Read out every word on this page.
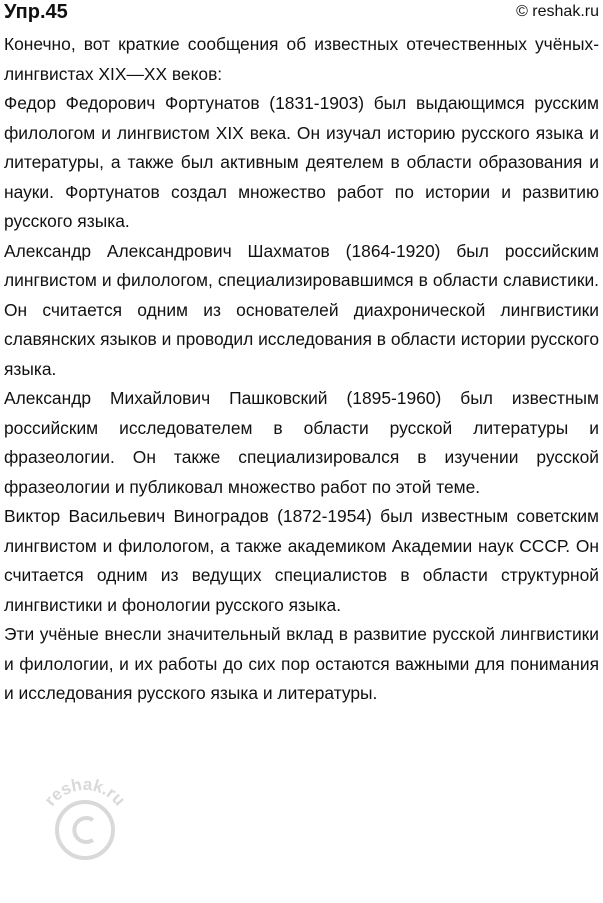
Упр.45	© reshak.ru

Конечно, вот краткие сообщения об известных отечественных учёных-лингвистах XIX—XX веков:

Федор Федорович Фортунатов (1831-1903) был выдающимся русским филологом и лингвистом XIX века. Он изучал историю русского языка и литературы, а также был активным деятелем в области образования и науки. Фортунатов создал множество работ по истории и развитию русского языка.

Александр Александрович Шахматов (1864-1920) был российским лингвистом и филологом, специализировавшимся в области славистики. Он считается одним из основателей диахронической лингвистики славянских языков и проводил исследования в области истории русского языка.

Александр Михайлович Пашковский (1895-1960) был известным российским исследователем в области русской литературы и фразеологии. Он также специализировался в изучении русской фразеологии и публиковал множество работ по этой теме.

Виктор Васильевич Виноградов (1872-1954) был известным советским лингвистом и филологом, а также академиком Академии наук СССР. Он считается одним из ведущих специалистов в области структурной лингвистики и фонологии русского языка.

Эти учёные внесли значительный вклад в развитие русской лингвистики и филологии, и их работы до сих пор остаются важными для понимания и исследования русского языка и литературы.

reshak.ru
